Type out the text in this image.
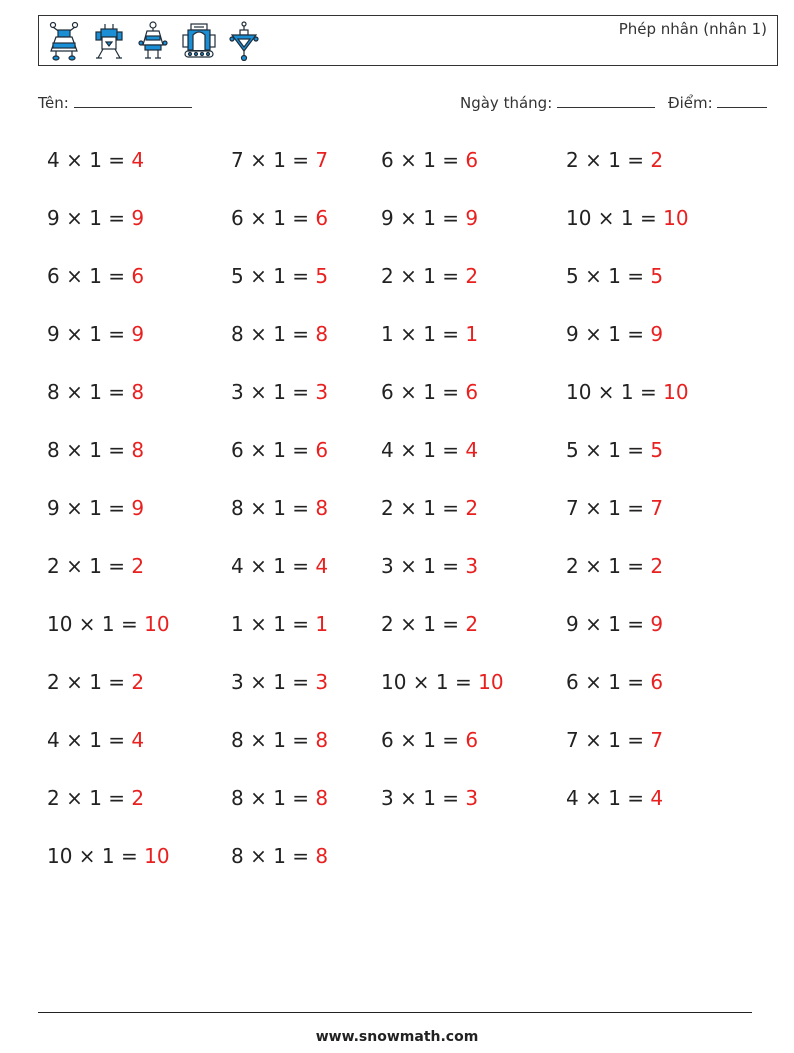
Phép nhân (nhân 1)
Tên:	Ngày tháng:	Điểm:
4 × 1 = 4	7 × 1 = 7	6 × 1 = 6	2 × 1 = 2
9 × 1 = 9	6 × 1 = 6	9 × 1 = 9	10 × 1 = 10
6 × 1 = 6	5 × 1 = 5	2 × 1 = 2	5 × 1 = 5
9 × 1 = 9	8 × 1 = 8	1 × 1 = 1	9 × 1 = 9
8 × 1 = 8	3 × 1 = 3	6 × 1 = 6	10 × 1 = 10
8 × 1 = 8	6 × 1 = 6	4 × 1 = 4	5 × 1 = 5
9 × 1 = 9	8 × 1 = 8	2 × 1 = 2	7 × 1 = 7
2 × 1 = 2	4 × 1 = 4	3 × 1 = 3	2 × 1 = 2
10 × 1 = 10	1 × 1 = 1	2 × 1 = 2	9 × 1 = 9
2 × 1 = 2	3 × 1 = 3	10 × 1 = 10	6 × 1 = 6
4 × 1 = 4	8 × 1 = 8	6 × 1 = 6	7 × 1 = 7
2 × 1 = 2	8 × 1 = 8	3 × 1 = 3	4 × 1 = 4
10 × 1 = 10	8 × 1 = 8
www.snowmath.com
